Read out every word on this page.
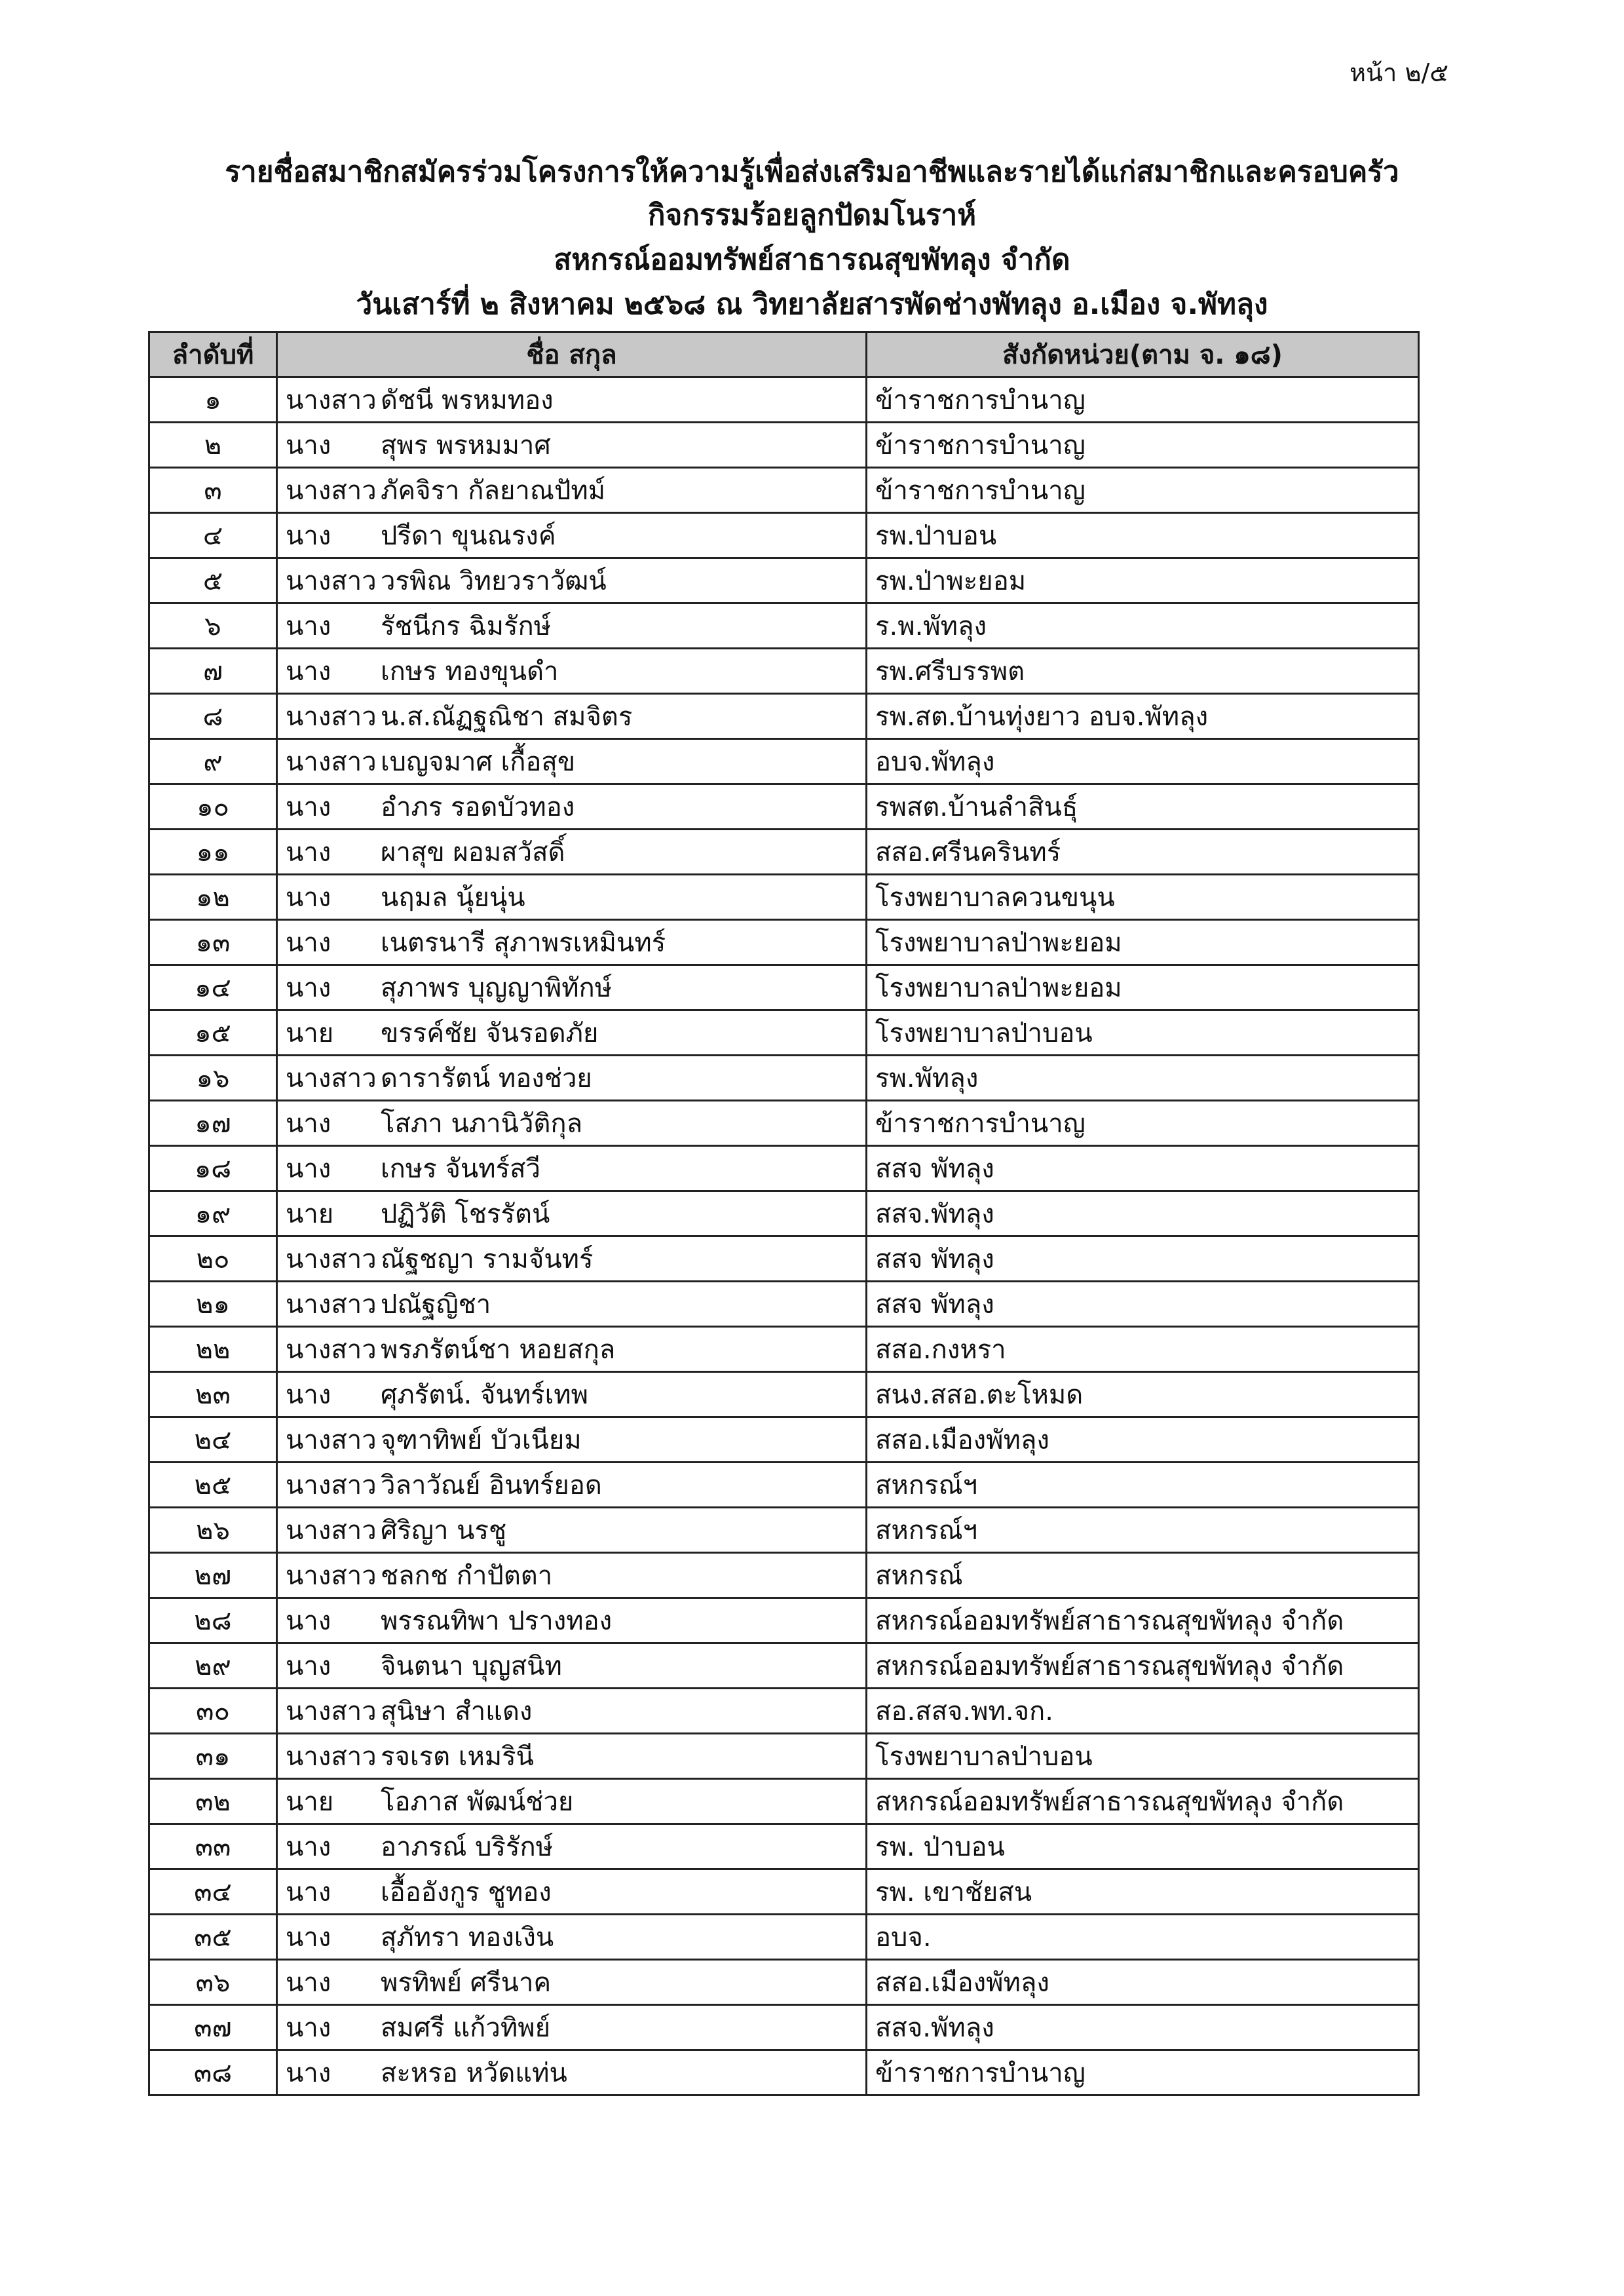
หน้า ๒/๕
รายชื่อสมาชิกสมัครร่วมโครงการให้ความรู้เพื่อส่งเสริมอาชีพและรายได้แก่สมาชิกและครอบครัว
กิจกรรมร้อยลูกปัดมโนราห์
สหกรณ์ออมทรัพย์สาธารณสุขพัทลุง จำกัด
วันเสาร์ที่ ๒ สิงหาคม ๒๕๖๘ ณ วิทยาลัยสารพัดช่างพัทลุง อ.เมือง จ.พัทลุง
ลำดับที่	ชื่อ สกุล	สังกัดหน่วย(ตาม จ. ๑๘)
๑	นางสาว ดัชนี พรหมทอง	ข้าราชการบำนาญ
๒	นาง สุพร พรหมมาศ	ข้าราชการบำนาญ
๓	นางสาว ภัคจิรา กัลยาณปัทม์	ข้าราชการบำนาญ
๔	นาง ปรีดา ขุนณรงค์	รพ.ป่าบอน
๕	นางสาว วรพิณ วิทยวราวัฒน์	รพ.ป่าพะยอม
๖	นาง รัชนีกร ฉิมรักษ์	ร.พ.พัทลุง
๗	นาง เกษร ทองขุนดำ	รพ.ศรีบรรพต
๘	นางสาว น.ส.ณัฏฐณิชา สมจิตร	รพ.สต.บ้านทุ่งยาว อบจ.พัทลุง
๙	นางสาว เบญจมาศ เกื้อสุข	อบจ.พัทลุง
๑๐	นาง อำภร รอดบัวทอง	รพสต.บ้านลำสินธุ์
๑๑	นาง ผาสุข ผอมสวัสดิ์	สสอ.ศรีนครินทร์
๑๒	นาง นฤมล นุ้ยนุ่น	โรงพยาบาลควนขนุน
๑๓	นาง เนตรนารี สุภาพรเหมินทร์	โรงพยาบาลป่าพะยอม
๑๔	นาง สุภาพร บุญญาพิทักษ์	โรงพยาบาลป่าพะยอม
๑๕	นาย ขรรค์ชัย จันรอดภัย	โรงพยาบาลป่าบอน
๑๖	นางสาว ดารารัตน์ ทองช่วย	รพ.พัทลุง
๑๗	นาง โสภา นภานิวัติกุล	ข้าราชการบำนาญ
๑๘	นาง เกษร จันทร์สวี	สสจ พัทลุง
๑๙	นาย ปฏิวัติ โชรรัตน์	สสจ.พัทลุง
๒๐	นางสาว ณัฐชญา รามจันทร์	สสจ พัทลุง
๒๑	นางสาว ปณัฐญิชา	สสจ พัทลุง
๒๒	นางสาว พรภรัตน์ชา หอยสกุล	สสอ.กงหรา
๒๓	นาง ศุภรัตน์. จันทร์เทพ	สนง.สสอ.ตะโหมด
๒๔	นางสาว จุฑาทิพย์ บัวเนียม	สสอ.เมืองพัทลุง
๒๕	นางสาว วิลาวัณย์ อินทร์ยอด	สหกรณ์ฯ
๒๖	นางสาว ศิริญา นรชู	สหกรณ์ฯ
๒๗	นางสาว ชลกช กำปัตตา	สหกรณ์
๒๘	นาง พรรณทิพา ปรางทอง	สหกรณ์ออมทรัพย์สาธารณสุขพัทลุง จำกัด
๒๙	นาง จินตนา บุญสนิท	สหกรณ์ออมทรัพย์สาธารณสุขพัทลุง จำกัด
๓๐	นางสาว สุนิษา สำแดง	สอ.สสจ.พท.จก.
๓๑	นางสาว รจเรต เหมรินี	โรงพยาบาลป่าบอน
๓๒	นาย โอภาส พัฒน์ช่วย	สหกรณ์ออมทรัพย์สาธารณสุขพัทลุง จำกัด
๓๓	นาง อาภรณ์ บริรักษ์	รพ. ป่าบอน
๓๔	นาง เอื้ออังกูร ชูทอง	รพ. เขาชัยสน
๓๕	นาง สุภัทรา ทองเงิน	อบจ.
๓๖	นาง พรทิพย์ ศรีนาค	สสอ.เมืองพัทลุง
๓๗	นาง สมศรี แก้วทิพย์	สสจ.พัทลุง
๓๘	นาง สะหรอ หวัดแท่น	ข้าราชการบำนาญ
